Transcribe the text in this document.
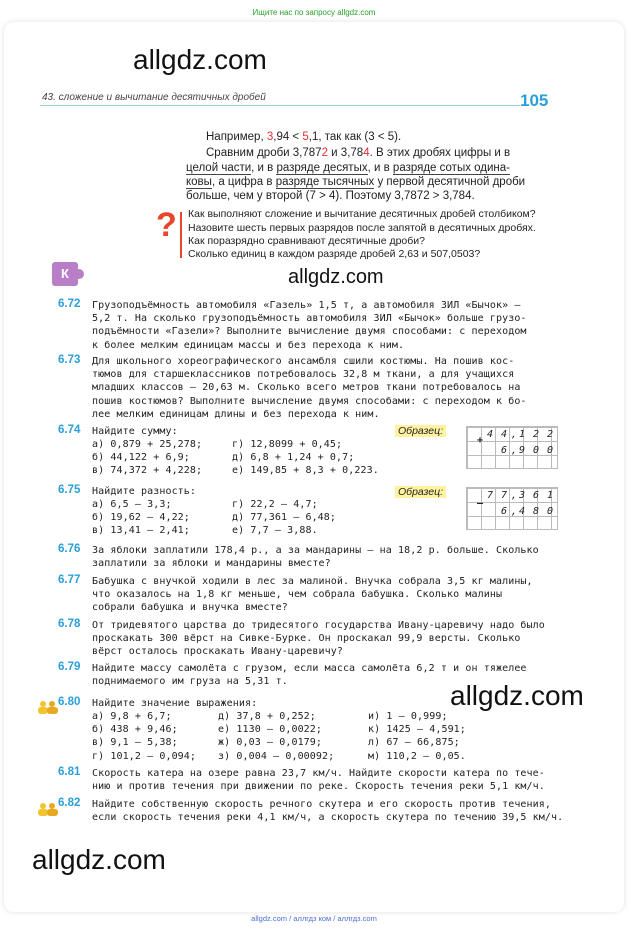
Ищите нас по запросу allgdz.com
allgdz.com
allgdz.com
allgdz.com
allgdz.com
43. сложение и вычитание десятичных дробей	105
Например, 3,94 < 5,1, так как (3 < 5).
Сравним дроби 3,7872 и 3,784. В этих дробях цифры и в
целой части, и в разряде десятых, и в разряде сотых одина-
ковы, а цифра в разряде тысячных у первой десятичной дроби
больше, чем у второй (7 > 4). Поэтому 3,7872 > 3,784.
? Как выполняют сложение и вычитание десятичных дробей столбиком?
Назовите шесть первых разрядов после запятой в десятичных дробях.
Как поразрядно сравнивают десятичные дроби?
Сколько единиц в каждом разряде дробей 2,63 и 507,0503?
К
6.72 Грузоподъёмность автомобиля «Газель» 1,5 т, а автомобиля ЗИЛ «Бычок» —
5,2 т. На сколько грузоподъёмность автомобиля ЗИЛ «Бычок» больше грузо-
подъёмности «Газели»? Выполните вычисление двумя способами: с переходом
к более мелким единицам массы и без перехода к ним.
6.73 Для школьного хореографического ансамбля сшили костюмы. На пошив кос-
тюмов для старшеклассников потребовалось 32,8 м ткани, а для учащихся
младших классов — 20,63 м. Сколько всего метров ткани потребовалось на
пошив костюмов? Выполните вычисление двумя способами: с переходом к бо-
лее мелким единицам длины и без перехода к ним.
6.74 Найдите сумму:
а) 0,879 + 25,278;
б) 44,122 + 6,9;
в) 74,372 + 4,228;
г) 12,8099 + 0,45;
д) 6,8 + 1,24 + 0,7;
е) 149,85 + 8,3 + 0,223.
Образец:
+
4 4 , 1 2 2
6 , 9 0 0
6.75 Найдите разность:
а) 6,5 – 3,3;
б) 19,62 – 4,22;
в) 13,41 – 2,41;
г) 22,2 – 4,7;
д) 77,361 – 6,48;
е) 7,7 – 3,88.
Образец:
–
7 7 , 3 6 1
6 , 4 8 0
6.76 За яблоки заплатили 178,4 р., а за мандарины — на 18,2 р. больше. Сколько
заплатили за яблоки и мандарины вместе?
6.77 Бабушка с внучкой ходили в лес за малиной. Внучка собрала 3,5 кг малины,
что оказалось на 1,8 кг меньше, чем собрала бабушка. Сколько малины
собрали бабушка и внучка вместе?
6.78 От тридевятого царства до тридесятого государства Ивану-царевичу надо было
проскакать 300 вёрст на Сивке-Бурке. Он проскакал 99,9 версты. Сколько
вёрст осталось проскакать Ивану-царевичу?
6.79 Найдите массу самолёта с грузом, если масса самолёта 6,2 т и он тяжелее
поднимаемого им груза на 5,31 т.
6.80 Найдите значение выражения:
а) 9,8 + 6,7;
б) 438 + 9,46;
в) 9,1 – 5,38;
г) 101,2 – 0,094;
д) 37,8 + 0,252;
е) 1130 – 0,0022;
ж) 0,03 – 0,0179;
з) 0,004 – 0,00092;
и) 1 – 0,999;
к) 1425 – 4,591;
л) 67 – 66,875;
м) 110,2 – 0,05.
6.81 Скорость катера на озере равна 23,7 км/ч. Найдите скорости катера по тече-
нию и против течения при движении по реке. Скорость течения реки 5,1 км/ч.
6.82 Найдите собственную скорость речного скутера и его скорость против течения,
если скорость течения реки 4,1 км/ч, а скорость скутера по течению 39,5 км/ч.
allgdz.com / аллгдз ком / аллгдз.com
